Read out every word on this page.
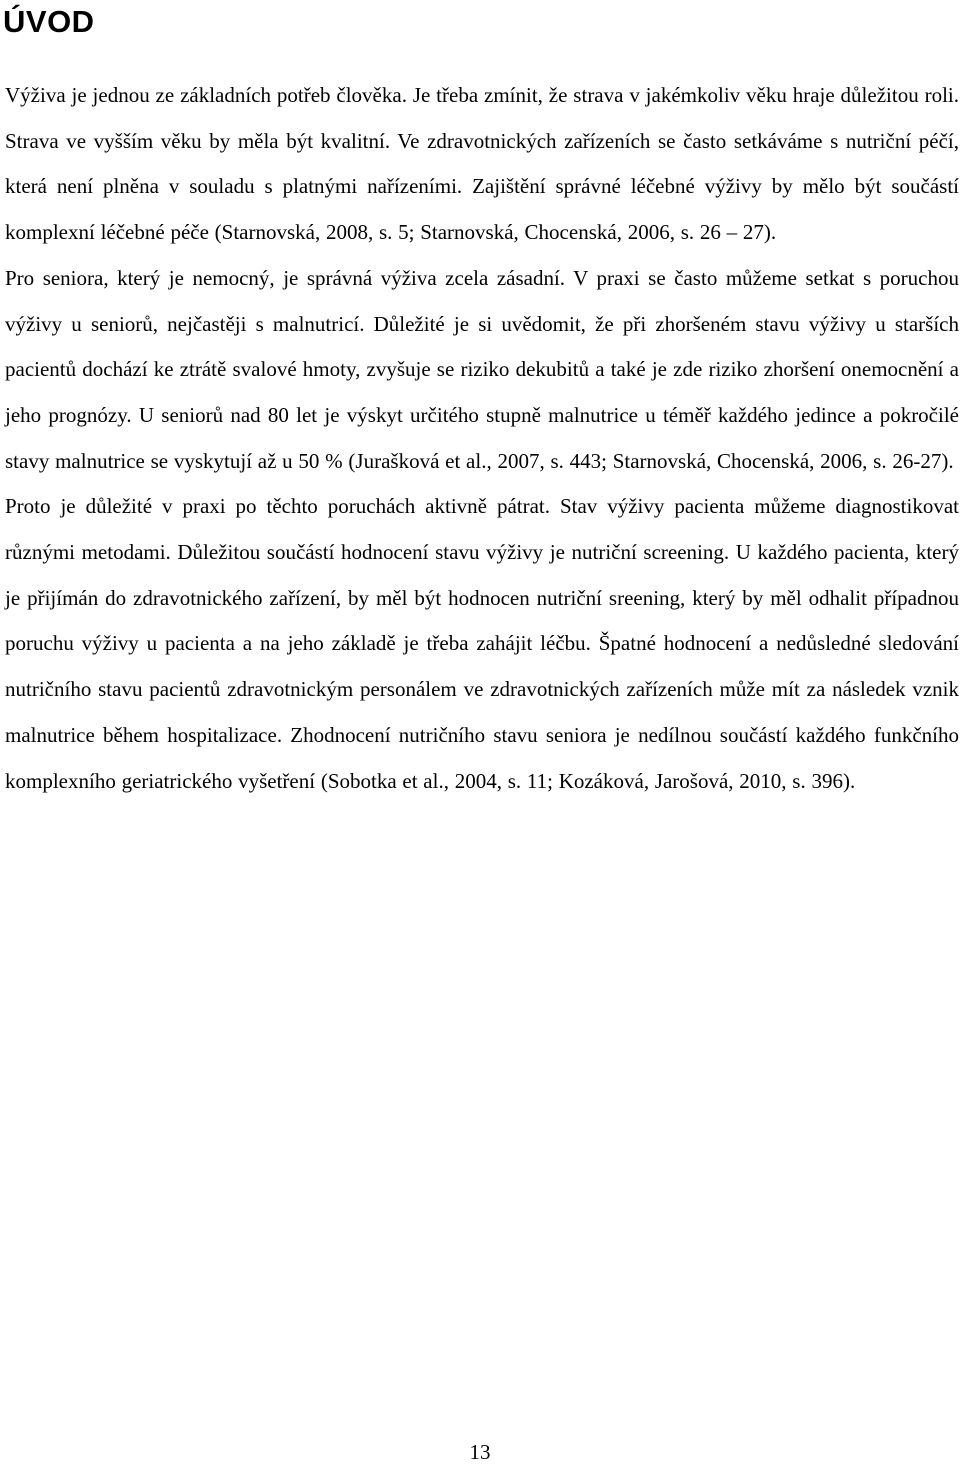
ÚVOD

Výživa je jednou ze základních potřeb člověka. Je třeba zmínit, že strava v jakémkoliv věku hraje důležitou roli. Strava ve vyšším věku by měla být kvalitní. Ve zdravotnických zařízeních se často setkáváme s nutriční péčí, která není plněna v souladu s platnými nařízeními. Zajištění správné léčebné výživy by mělo být součástí komplexní léčebné péče (Starnovská, 2008, s. 5; Starnovská, Chocenská, 2006, s. 26 – 27).

Pro seniora, který je nemocný, je správná výživa zcela zásadní. V praxi se často můžeme setkat s poruchou výživy u seniorů, nejčastěji s malnutricí. Důležité je si uvědomit, že při zhoršeném stavu výživy u starších pacientů dochází ke ztrátě svalové hmoty, zvyšuje se riziko dekubitů a také je zde riziko zhoršení onemocnění a jeho prognózy. U seniorů nad 80 let je výskyt určitého stupně malnutrice u téměř každého jedince a pokročilé stavy malnutrice se vyskytují až u 50 % (Jurašková et al., 2007, s. 443; Starnovská, Chocenská, 2006, s. 26-27).

Proto je důležité v praxi po těchto poruchách aktivně pátrat. Stav výživy pacienta můžeme diagnostikovat různými metodami. Důležitou součástí hodnocení stavu výživy je nutriční screening. U každého pacienta, který je přijímán do zdravotnického zařízení, by měl být hodnocen nutriční sreening, který by měl odhalit případnou poruchu výživy u pacienta a na jeho základě je třeba zahájit léčbu. Špatné hodnocení a nedůsledné sledování nutričního stavu pacientů zdravotnickým personálem ve zdravotnických zařízeních může mít za následek vznik malnutrice během hospitalizace. Zhodnocení nutričního stavu seniora je nedílnou součástí každého funkčního komplexního geriatrického vyšetření (Sobotka et al., 2004, s. 11; Kozáková, Jarošová, 2010, s. 396).

13
